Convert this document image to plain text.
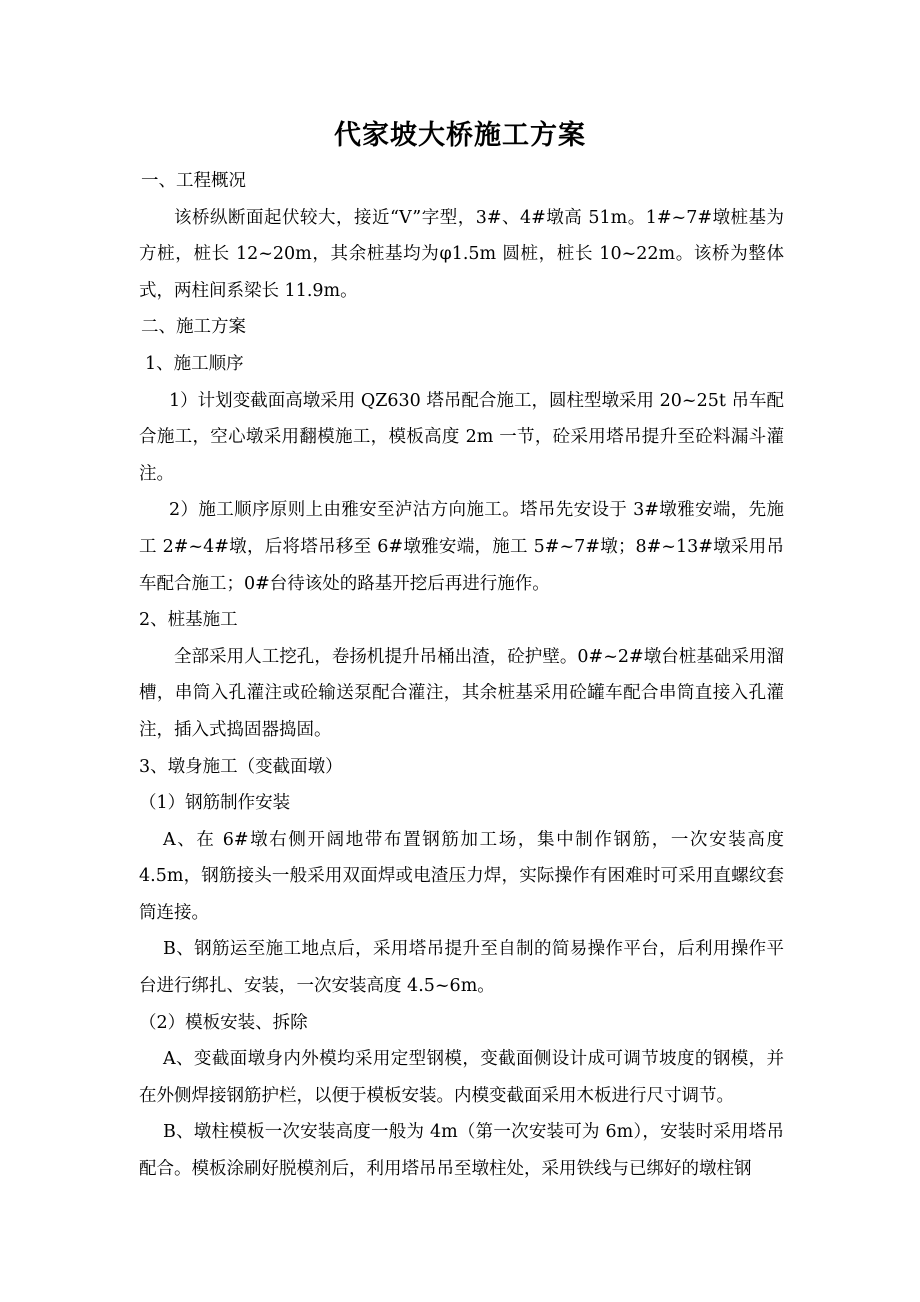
代家坡大桥施工方案

一、工程概况

该桥纵断面起伏较大，接近“V”字型，3#、4#墩高 51m。1#~7#墩桩基为方桩，桩长 12~20m，其余桩基均为φ1.5m 圆桩，桩长 10~22m。该桥为整体式，两柱间系梁长 11.9m。

二、施工方案

1、施工顺序

1）计划变截面高墩采用 QZ630 塔吊配合施工，圆柱型墩采用 20~25t 吊车配合施工，空心墩采用翻模施工，模板高度 2m 一节，砼采用塔吊提升至砼料漏斗灌注。

2）施工顺序原则上由雅安至泸沽方向施工。塔吊先安设于 3#墩雅安端，先施工 2#~4#墩，后将塔吊移至 6#墩雅安端，施工 5#~7#墩；8#~13#墩采用吊车配合施工；0#台待该处的路基开挖后再进行施作。

2、桩基施工

全部采用人工挖孔，卷扬机提升吊桶出渣，砼护壁。0#~2#墩台桩基础采用溜槽，串筒入孔灌注或砼输送泵配合灌注，其余桩基采用砼罐车配合串筒直接入孔灌注，插入式捣固器捣固。

3、墩身施工（变截面墩）

（1）钢筋制作安装

A、在 6#墩右侧开阔地带布置钢筋加工场，集中制作钢筋，一次安装高度 4.5m，钢筋接头一般采用双面焊或电渣压力焊，实际操作有困难时可采用直螺纹套筒连接。

B、钢筋运至施工地点后，采用塔吊提升至自制的简易操作平台，后利用操作平台进行绑扎、安装，一次安装高度 4.5~6m。

（2）模板安装、拆除

A、变截面墩身内外模均采用定型钢模，变截面侧设计成可调节坡度的钢模，并在外侧焊接钢筋护栏，以便于模板安装。内模变截面采用木板进行尺寸调节。

B、墩柱模板一次安装高度一般为 4m（第一次安装可为 6m），安装时采用塔吊配合。模板涂刷好脱模剂后，利用塔吊吊至墩柱处，采用铁线与已绑好的墩柱钢
